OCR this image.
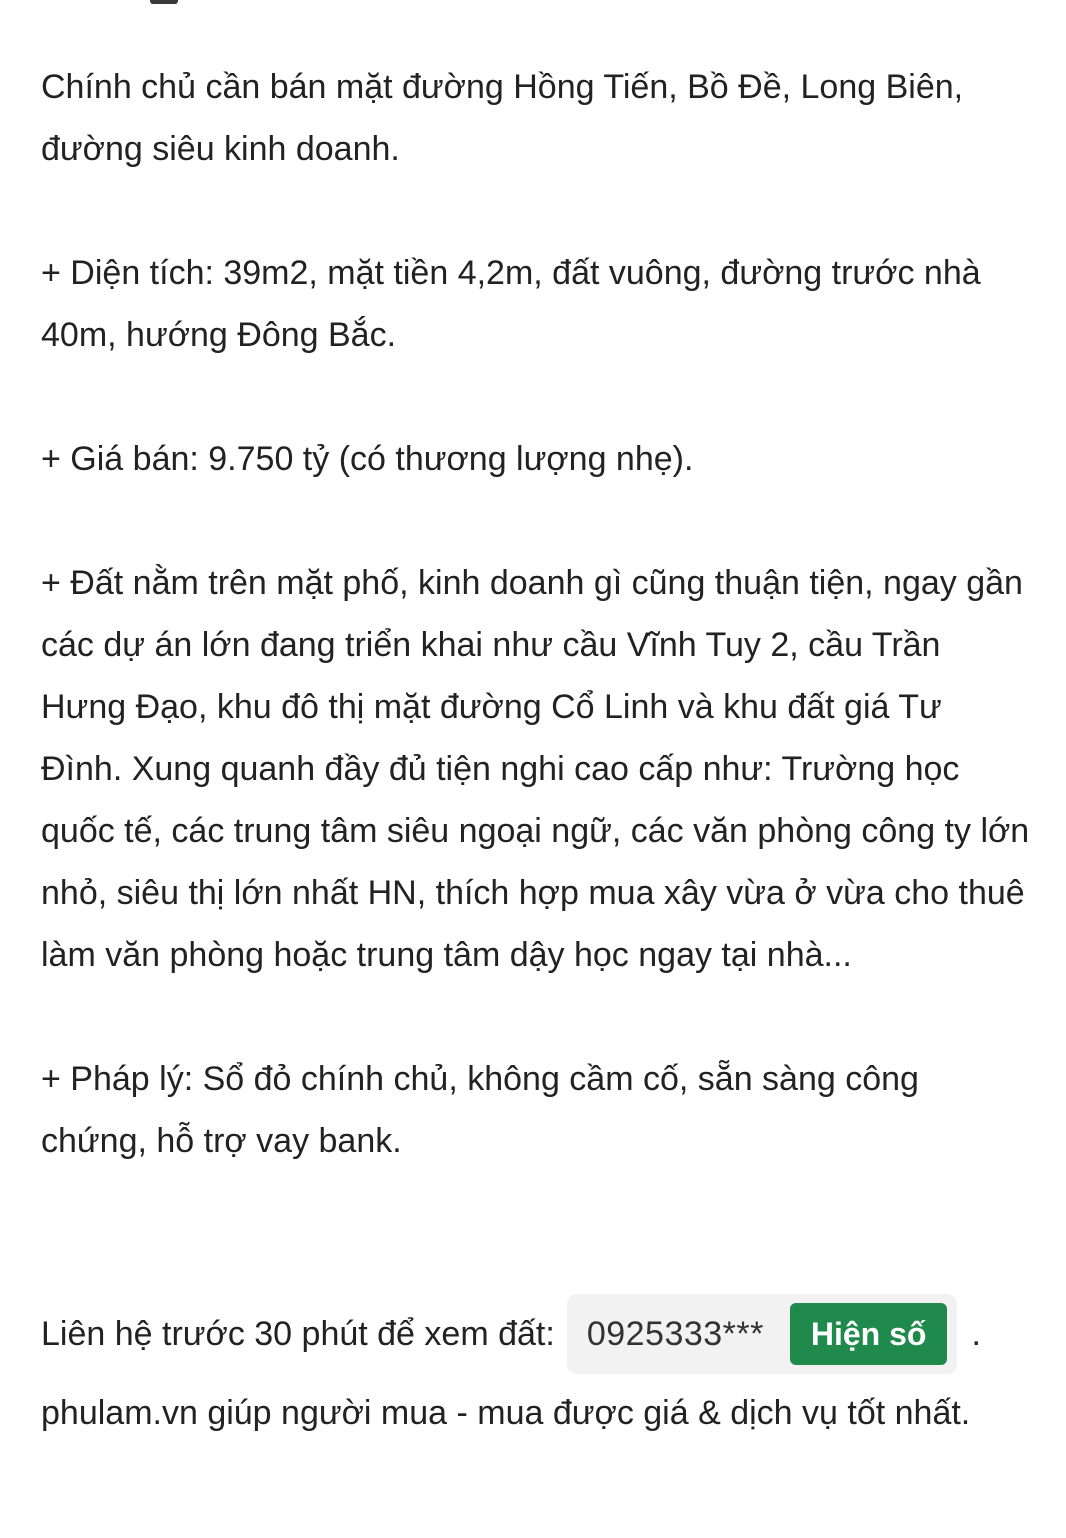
Chính chủ cần bán mặt đường Hồng Tiến, Bồ Đề, Long Biên, đường siêu kinh doanh.

+ Diện tích: 39m2, mặt tiền 4,2m, đất vuông, đường trước nhà 40m, hướng Đông Bắc.

+ Giá bán: 9.750 tỷ (có thương lượng nhẹ).

+ Đất nằm trên mặt phố, kinh doanh gì cũng thuận tiện, ngay gần các dự án lớn đang triển khai như cầu Vĩnh Tuy 2, cầu Trần Hưng Đạo, khu đô thị mặt đường Cổ Linh và khu đất giá Tư Đình. Xung quanh đầy đủ tiện nghi cao cấp như: Trường học quốc tế, các trung tâm siêu ngoại ngữ, các văn phòng công ty lớn nhỏ, siêu thị lớn nhất HN, thích hợp mua xây vừa ở vừa cho thuê làm văn phòng hoặc trung tâm dậy học ngay tại nhà...

+ Pháp lý: Sổ đỏ chính chủ, không cầm cố, sẵn sàng công chứng, hỗ trợ vay bank.

Liên hệ trước 30 phút để xem đất: 0925333***	Hiện số	.
phulam.vn giúp người mua - mua được giá & dịch vụ tốt nhất.
